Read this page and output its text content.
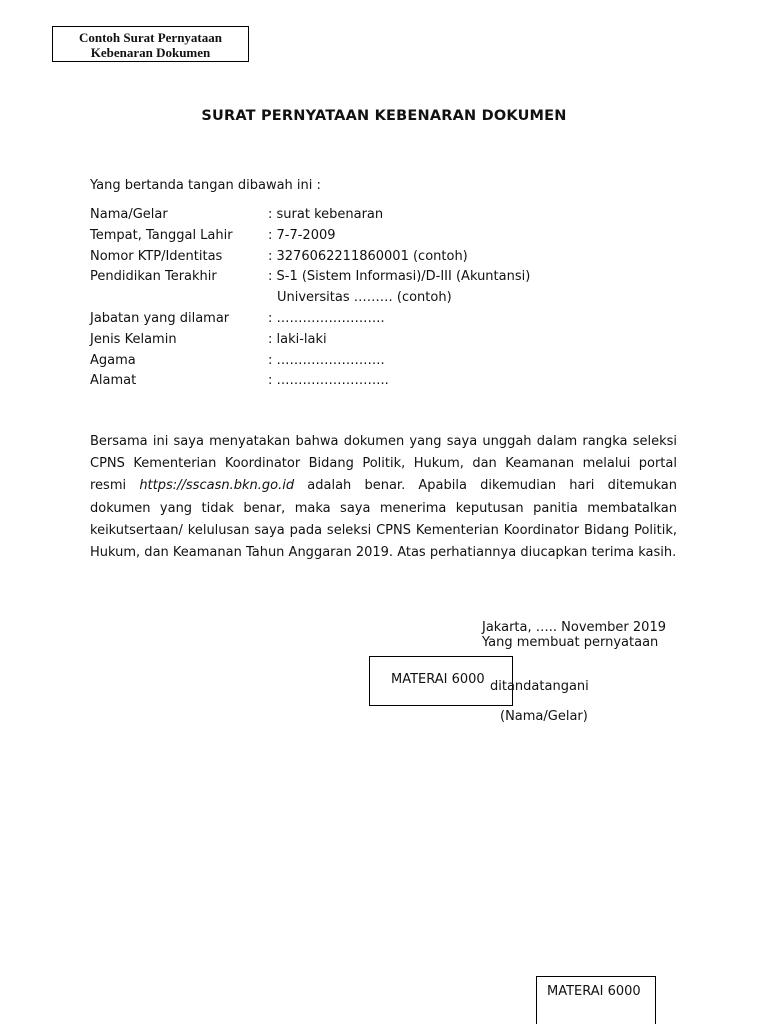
Contoh Surat Pernyataan
Kebenaran Dokumen
SURAT PERNYATAAN KEBENARAN DOKUMEN
Yang bertanda tangan dibawah ini :
Nama/Gelar	: surat kebenaran
Tempat, Tanggal Lahir	: 7-7-2009
Nomor KTP/Identitas	: 3276062211860001 (contoh)
Pendidikan Terakhir	: S-1 (Sistem Informasi)/D-III (Akuntansi)
Universitas ……… (contoh)
Jabatan yang dilamar	: …………………….
Jenis Kelamin	: laki-laki
Agama	: …………………….
Alamat	: ……………………..

Bersama ini saya menyatakan bahwa dokumen yang saya unggah dalam rangka seleksi CPNS Kementerian Koordinator Bidang Politik, Hukum, dan Keamanan melalui portal resmi https://sscasn.bkn.go.id adalah benar. Apabila dikemudian hari ditemukan dokumen yang tidak benar, maka saya menerima keputusan panitia membatalkan keikutsertaan/ kelulusan saya pada seleksi CPNS Kementerian Koordinator Bidang Politik, Hukum, dan Keamanan Tahun Anggaran 2019. Atas perhatiannya diucapkan terima kasih.

Jakarta, ….. November 2019
Yang membuat pernyataan
MATERAI 6000 ditandatangani
(Nama/Gelar)
MATERAI 6000
